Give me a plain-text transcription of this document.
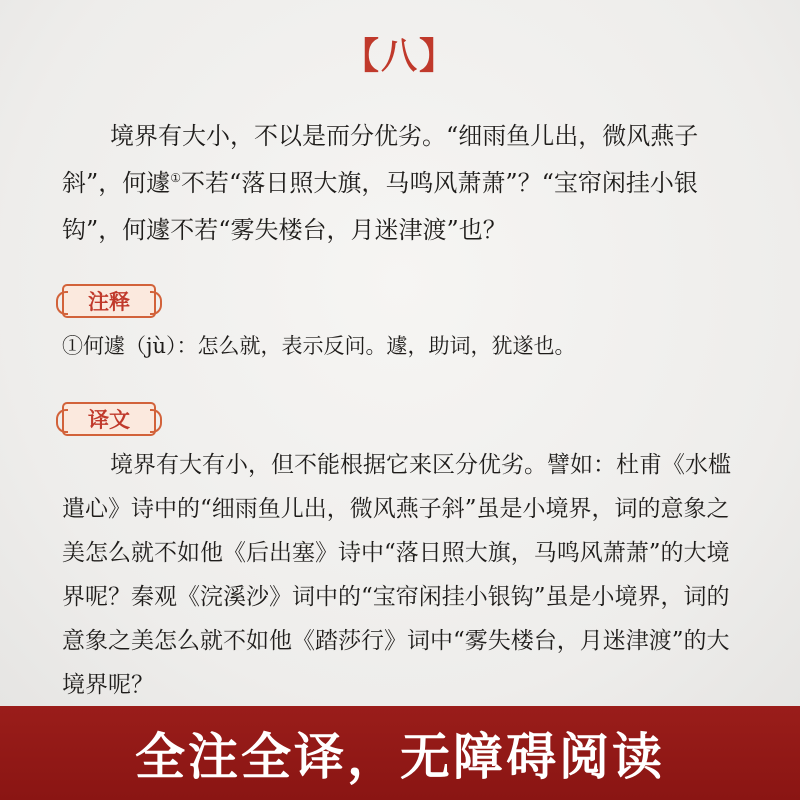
【八】

境界有大小，不以是而分优劣。“细雨鱼儿出，微风燕子斜”，何遽①不若“落日照大旗，马鸣风萧萧”？“宝帘闲挂小银钩”，何遽不若“雾失楼台，月迷津渡”也？

注释
①何遽（jù）：怎么就，表示反问。遽，助词，犹遂也。
译文

境界有大有小，但不能根据它来区分优劣。譬如：杜甫《水槛遣心》诗中的“细雨鱼儿出，微风燕子斜”虽是小境界，词的意象之美怎么就不如他《后出塞》诗中“落日照大旗，马鸣风萧萧”的大境界呢？秦观《浣溪沙》词中的“宝帘闲挂小银钩”虽是小境界，词的意象之美怎么就不如他《踏莎行》词中“雾失楼台，月迷津渡”的大境界呢？

全注全译，无障碍阅读
